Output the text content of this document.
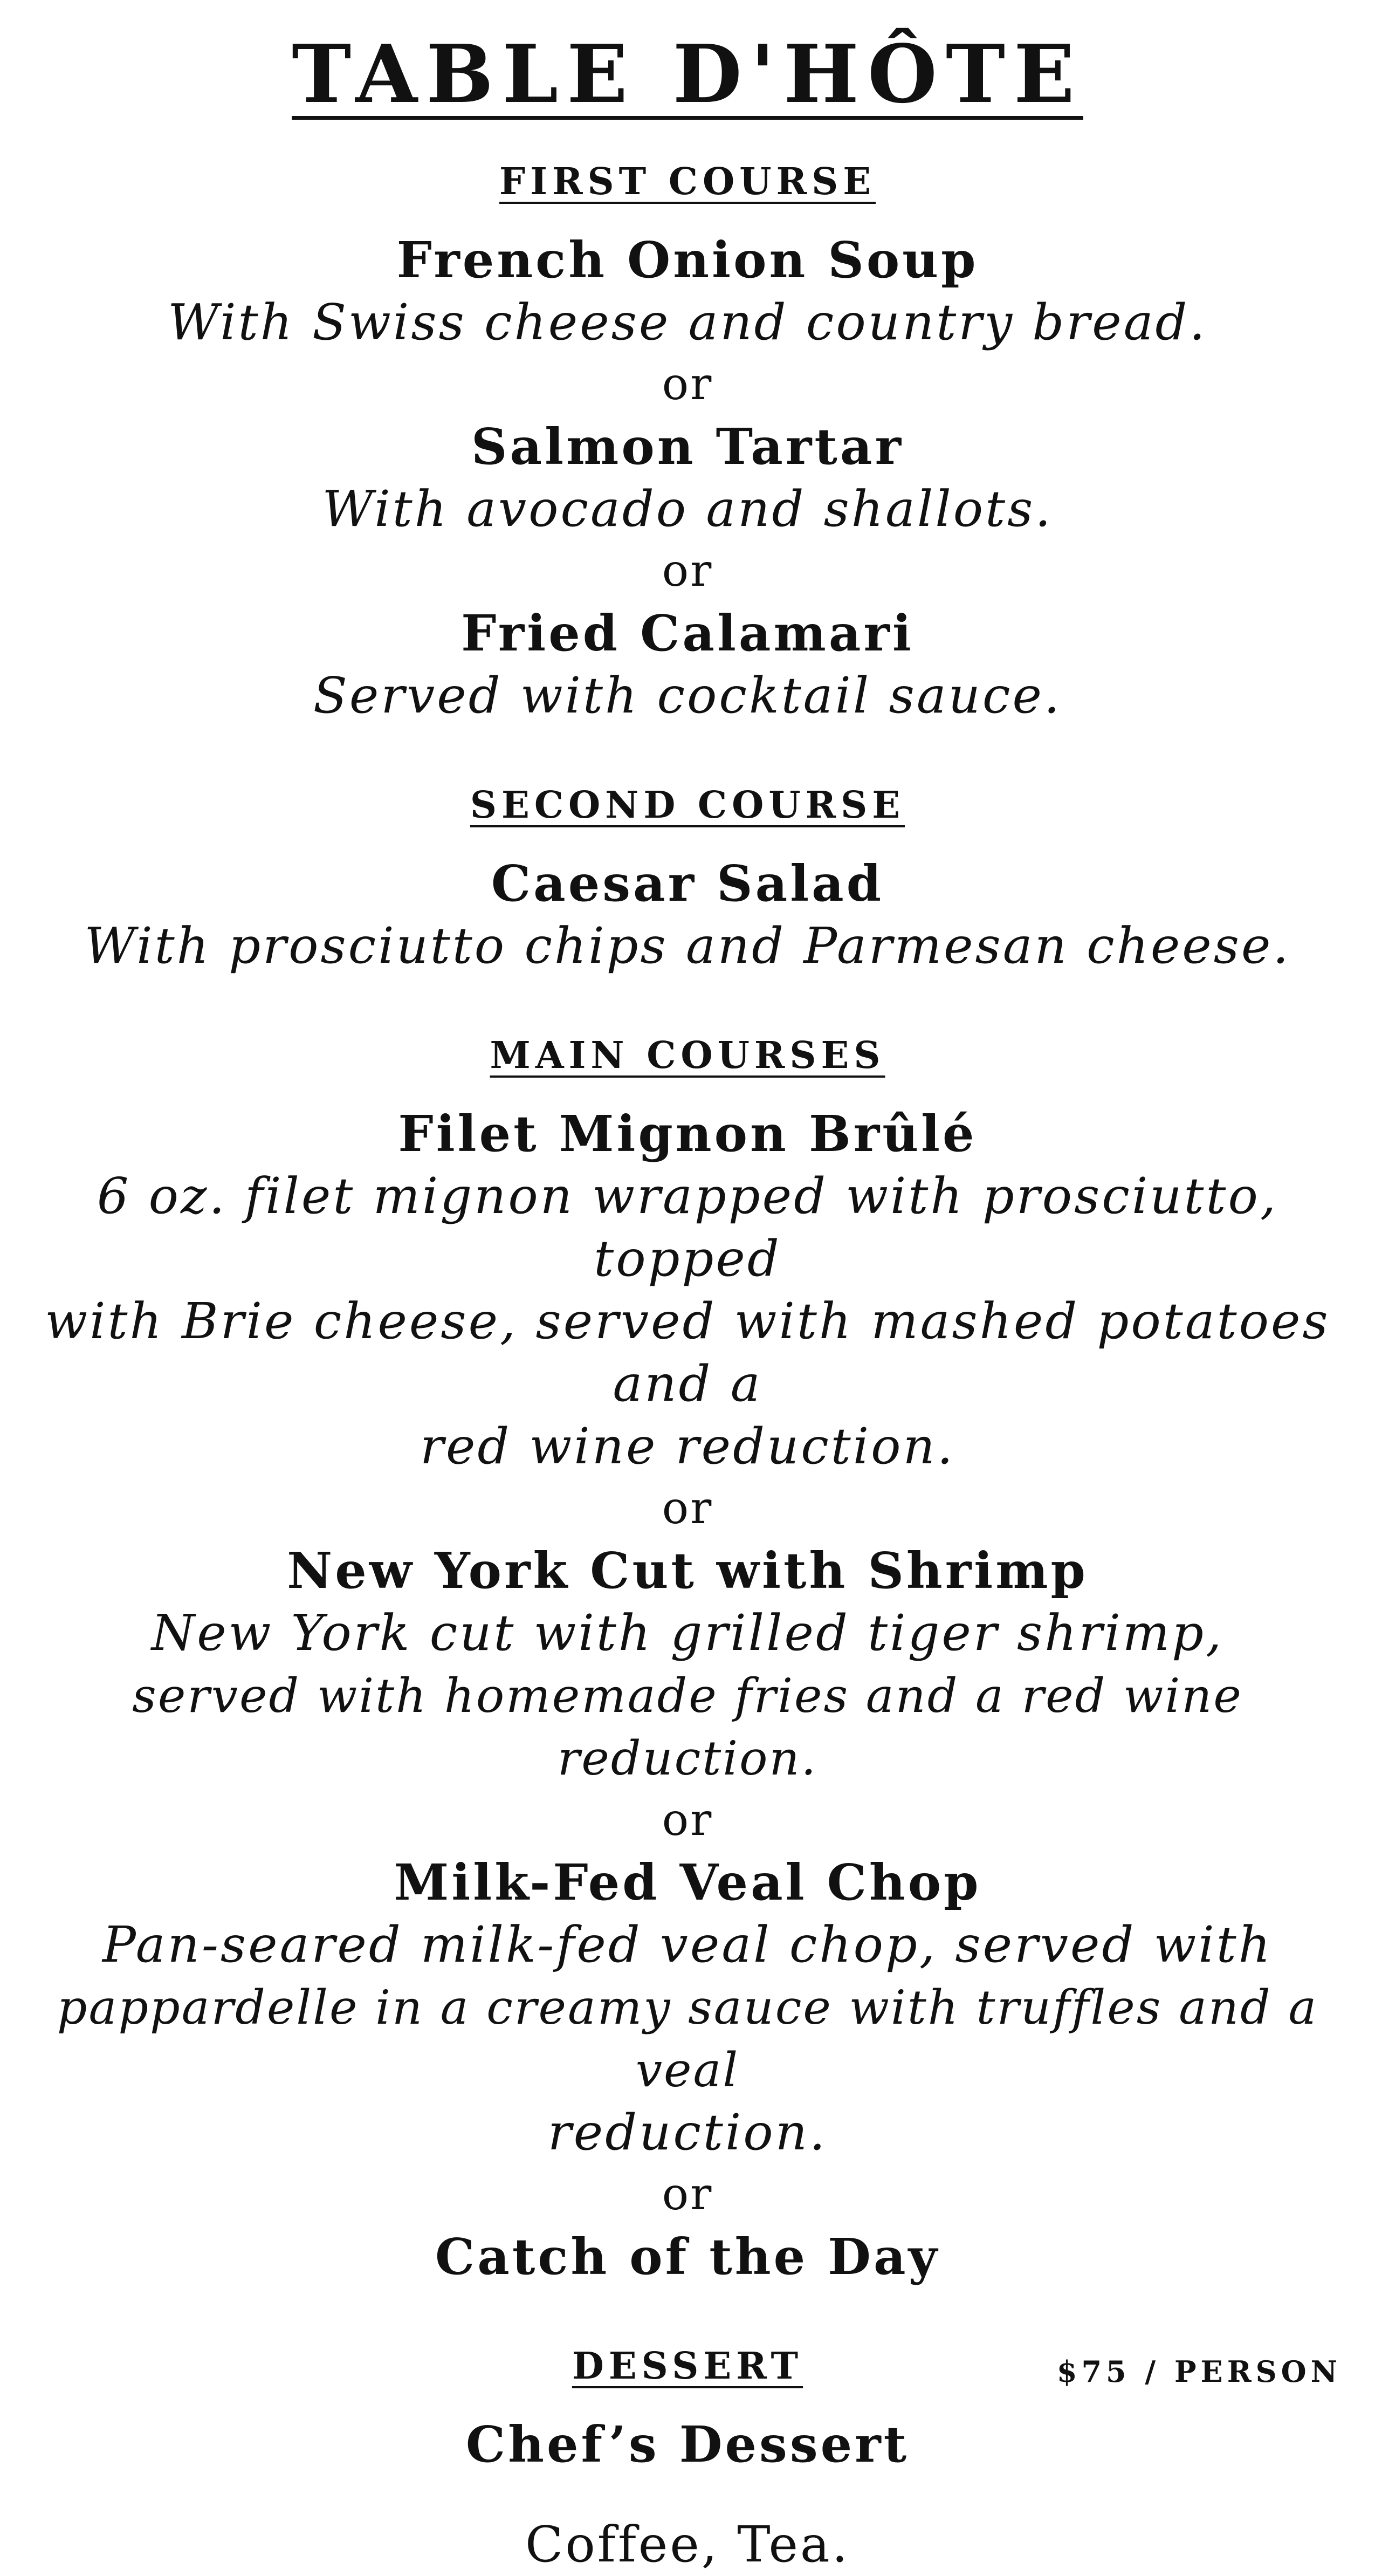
TABLE D'HÔTE
FIRST COURSE

French Onion Soup

With Swiss cheese and country bread.

or

Salmon Tartar

With avocado and shallots.

or

Fried Calamari

Served with cocktail sauce.

SECOND COURSE

Caesar Salad

With prosciutto chips and Parmesan cheese.

MAIN COURSES

Filet Mignon Brûlé

6 oz. filet mignon wrapped with prosciutto, topped

with Brie cheese, served with mashed potatoes and a

red wine reduction.

or

New York Cut with Shrimp

New York cut with grilled tiger shrimp,

served with homemade fries and a red wine reduction.

or

Milk-Fed Veal Chop

Pan-seared milk-fed veal chop, served with

pappardelle in a creamy sauce with truffles and a veal

reduction.

or

Catch of the Day

DESSERT

Chef’s Dessert

Coffee, Tea.

$75 / PERSON
